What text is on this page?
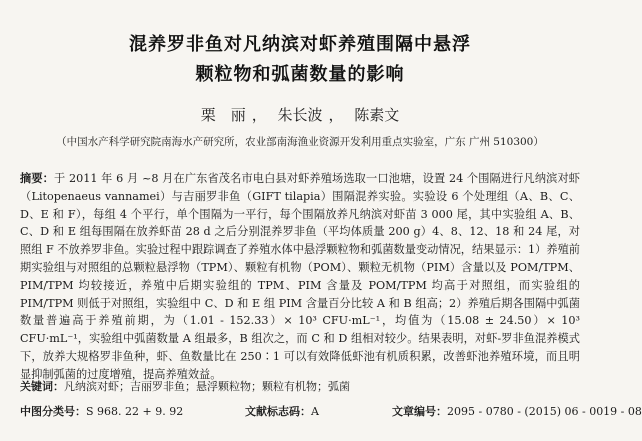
混养罗非鱼对凡纳滨对虾养殖围隔中悬浮
颗粒物和弧菌数量的影响
栗　丽 ， 朱长波 ， 陈素文
（中国水产科学研究院南海水产研究所，农业部南海渔业资源开发利用重点实验室，广东 广州 510300）
摘要：于 2011 年 6 月 ~8 月在广东省茂名市电白县对虾养殖场选取一口池塘，设置 24 个围隔进行凡纳滨对虾（Litopenaeus vannamei）与吉丽罗非鱼（GIFT tilapia）围隔混养实验。实验设 6 个处理组（A、B、C、D、E 和 F），每组 4 个平行，单个围隔为一平行，每个围隔放养凡纳滨对虾苗 3 000 尾，其中实验组 A、B、C、D 和 E 组每围隔在放养虾苗 28 d 之后分别混养罗非鱼（平均体质量 200 g）4、8、12、18 和 24 尾，对照组 F 不放养罗非鱼。实验过程中跟踪调查了养殖水体中悬浮颗粒物和弧菌数量变动情况，结果显示：1）养殖前期实验组与对照组的总颗粒悬浮物（TPM）、颗粒有机物（POM）、颗粒无机物（PIM）含量以及 POM/TPM、PIM/TPM 均较接近，养殖中后期实验组的 TPM、PIM 含量及 POM/TPM 均高于对照组，而实验组的 PIM/TPM 则低于对照组，实验组中 C、D 和 E 组 PIM 含量百分比较 A 和 B 组高；2）养殖后期各围隔中弧菌数量普遍高于养殖前期，为（1.01 - 152.33）× 10³ CFU·mL⁻¹，均值为（15.08 ± 24.50）× 10³ CFU·mL⁻¹，实验组中弧菌数量 A 组最多，B 组次之，而 C 和 D 组相对较少。结果表明，对虾-罗非鱼混养模式下，放养大规格罗非鱼种，虾、鱼数量比在 250∶1 可以有效降低虾池有机质积累，改善虾池养殖环境，而且明显抑制弧菌的过度增殖，提高养殖效益。
关键词：凡纳滨对虾；吉丽罗非鱼；悬浮颗粒物；颗粒有机物；弧菌
中图分类号：S 968. 22 + 9. 92	文献标志码：A	文章编号：2095 - 0780 - (2015) 06 - 0019 - 08
